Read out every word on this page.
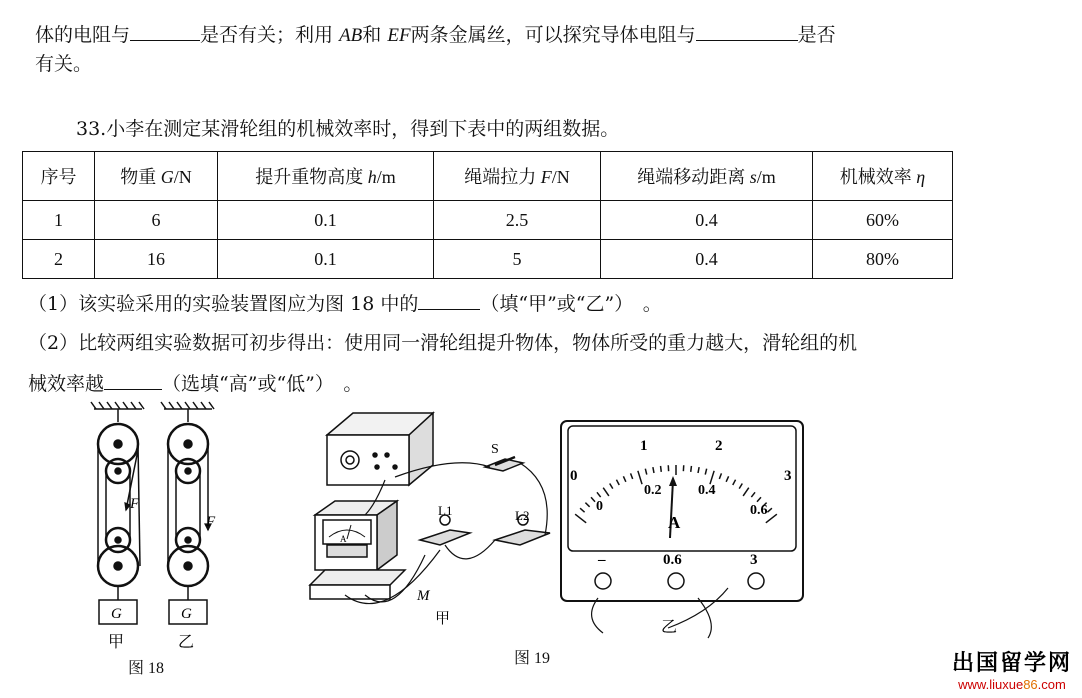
体的电阻与	是否有关；利用 AB和 EF两条金属丝，可以探究导体电阻与	是否
有关。
33.小李在测定某滑轮组的机械效率时，得到下表中的两组数据。
序号	物重 G/N	提升重物高度 h/m	绳端拉力 F/N	绳端移动距离 s/m	机械效率 η
1	6	0.1	2.5	0.4	60%
2	16	0.1	5	0.4	80%
（1）该实验采用的实验装置图应为图 18 中的	（填“甲”或“乙”）　。
（2）比较两组实验数据可初步得出：使用同一滑轮组提升物体，物体所受的重力越大，滑轮组的机
械效率越	（选填“高”或“低”）　。
F
F
G	G
甲	乙
图 18
A
S
L1	L2
M
甲
0
1	2
3
0
0.2	0.4
0.6
A
–	0.6	3
乙
图 19	出国留学网
www.liuxue86.com
